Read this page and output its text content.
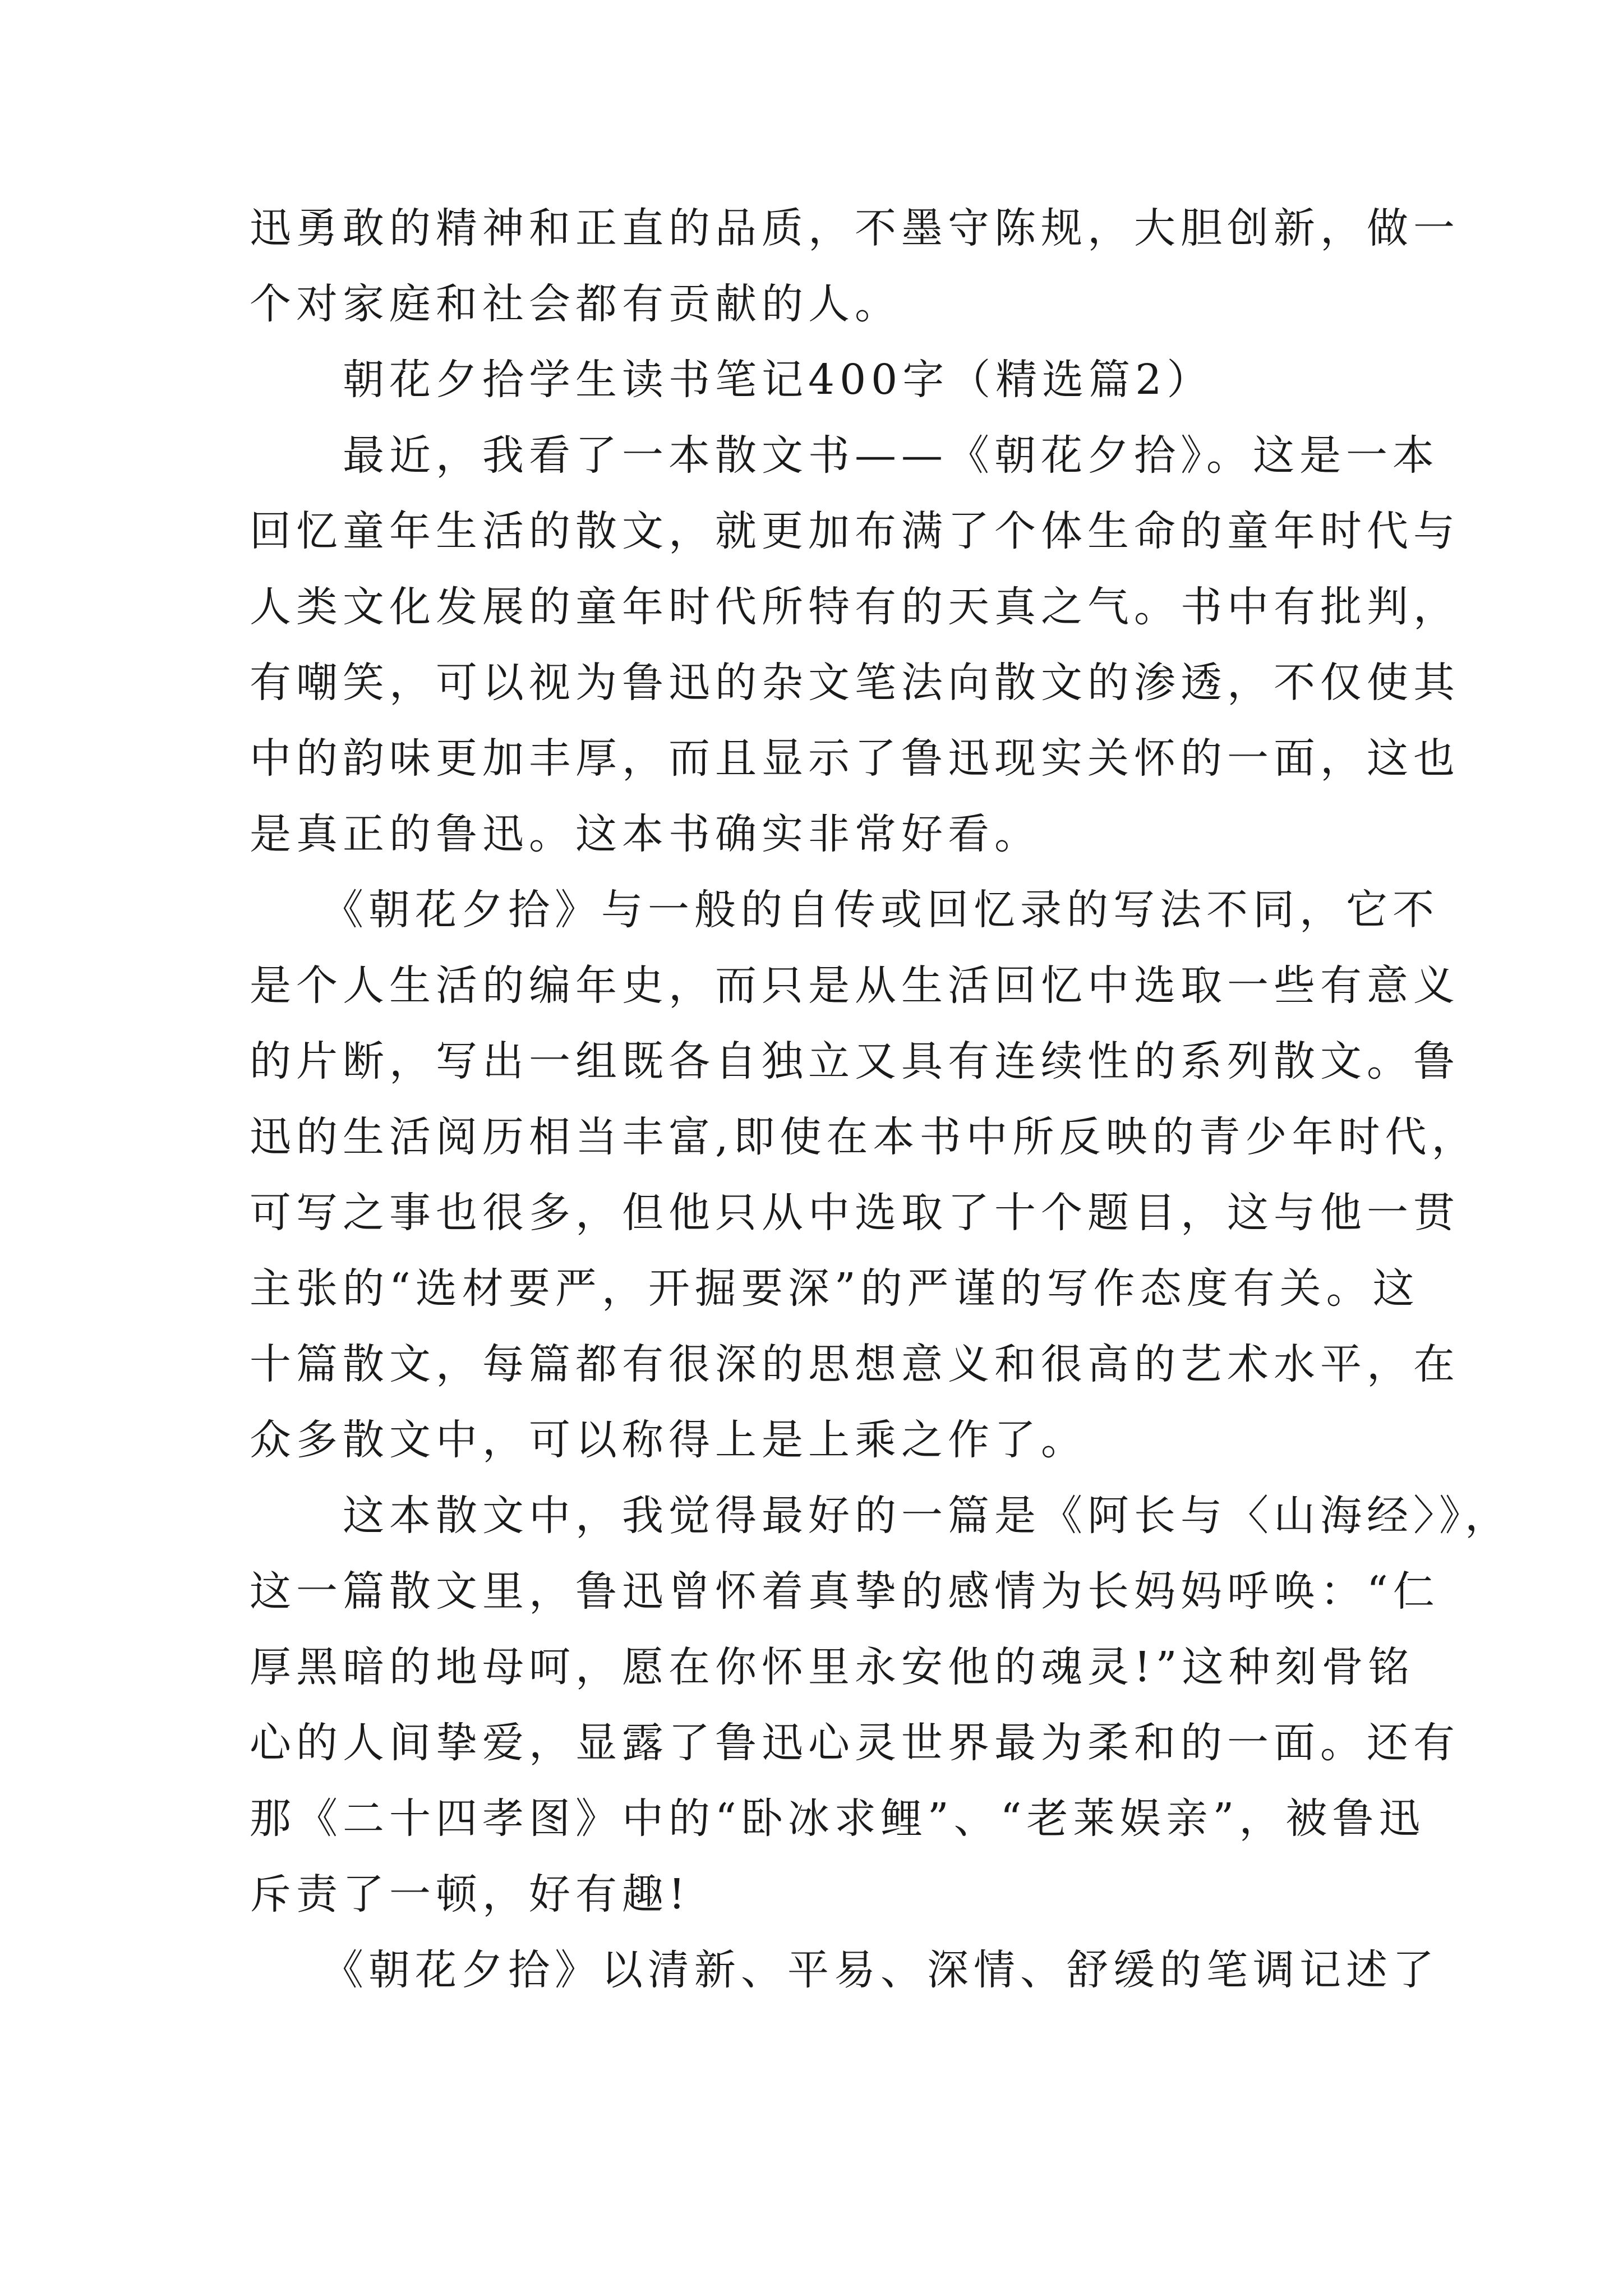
迅勇敢的精神和正直的品质，不墨守陈规，大胆创新，做一
个对家庭和社会都有贡献的人。
　　朝花夕拾学生读书笔记400字（精选篇2）
　　最近，我看了一本散文书——《朝花夕拾》。这是一本
回忆童年生活的散文，就更加布满了个体生命的童年时代与
人类文化发展的童年时代所特有的天真之气。书中有批判，
有嘲笑，可以视为鲁迅的杂文笔法向散文的渗透，不仅使其
中的韵味更加丰厚，而且显示了鲁迅现实关怀的一面，这也
是真正的鲁迅。这本书确实非常好看。
　　《朝花夕拾》与一般的自传或回忆录的写法不同，它不
是个人生活的编年史，而只是从生活回忆中选取一些有意义
的片断，写出一组既各自独立又具有连续性的系列散文。鲁
迅的生活阅历相当丰富,即使在本书中所反映的青少年时代，
可写之事也很多，但他只从中选取了十个题目，这与他一贯
主张的“选材要严，开掘要深”的严谨的写作态度有关。这
十篇散文，每篇都有很深的思想意义和很高的艺术水平，在
众多散文中，可以称得上是上乘之作了。
　　这本散文中，我觉得最好的一篇是《阿长与〈山海经〉》，
这一篇散文里，鲁迅曾怀着真挚的感情为长妈妈呼唤：“仁
厚黑暗的地母呵，愿在你怀里永安他的魂灵!”这种刻骨铭
心的人间挚爱，显露了鲁迅心灵世界最为柔和的一面。还有
那《二十四孝图》中的“卧冰求鲤”、“老莱娱亲”，被鲁迅
斥责了一顿，好有趣!
　　《朝花夕拾》以清新、平易、深情、舒缓的笔调记述了
